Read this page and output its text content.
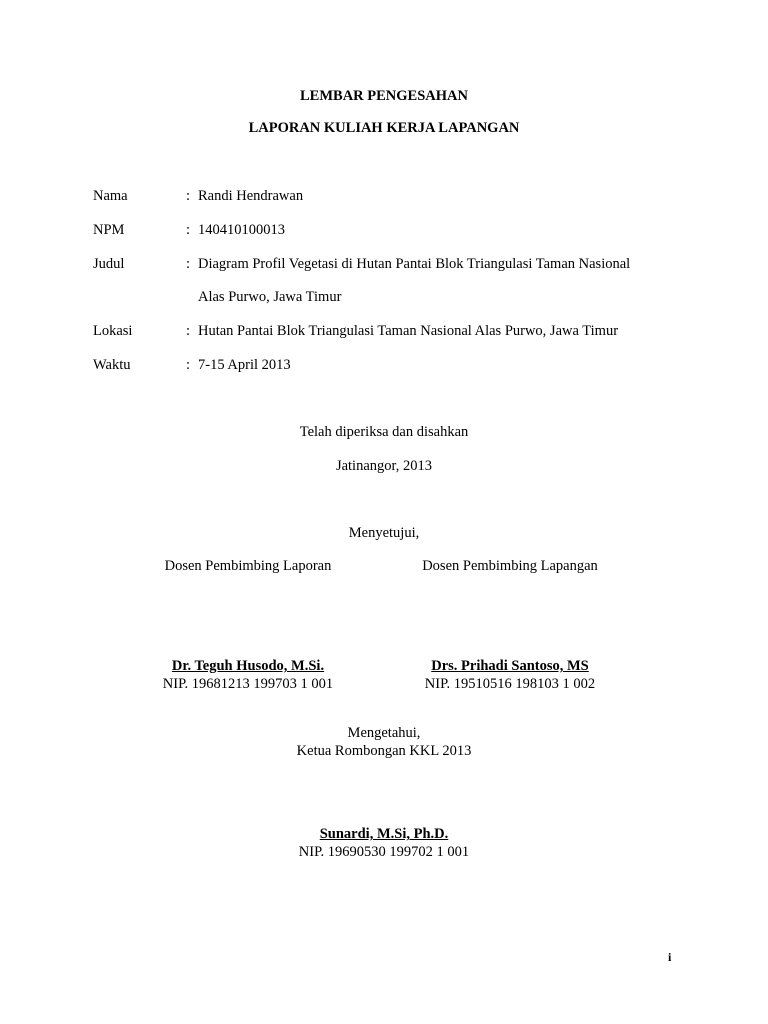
LEMBAR PENGESAHAN
LAPORAN KULIAH KERJA LAPANGAN
Nama	: Randi Hendrawan
NPM	: 140410100013
Judul	: Diagram Profil Vegetasi di Hutan Pantai Blok Triangulasi Taman Nasional
Alas Purwo, Jawa Timur
Lokasi	: Hutan Pantai Blok Triangulasi Taman Nasional Alas Purwo, Jawa Timur
Waktu	: 7-15 April 2013
Telah diperiksa dan disahkan
Jatinangor, 2013
Menyetujui,
Dosen Pembimbing Laporan
Dr. Teguh Husodo, M.Si.
NIP. 19681213 199703 1 001
Dosen Pembimbing Lapangan
Drs. Prihadi Santoso, MS
NIP. 19510516 198103 1 002
Mengetahui,
Ketua Rombongan KKL 2013
Sunardi, M.Si, Ph.D.
NIP. 19690530 199702 1 001
i
